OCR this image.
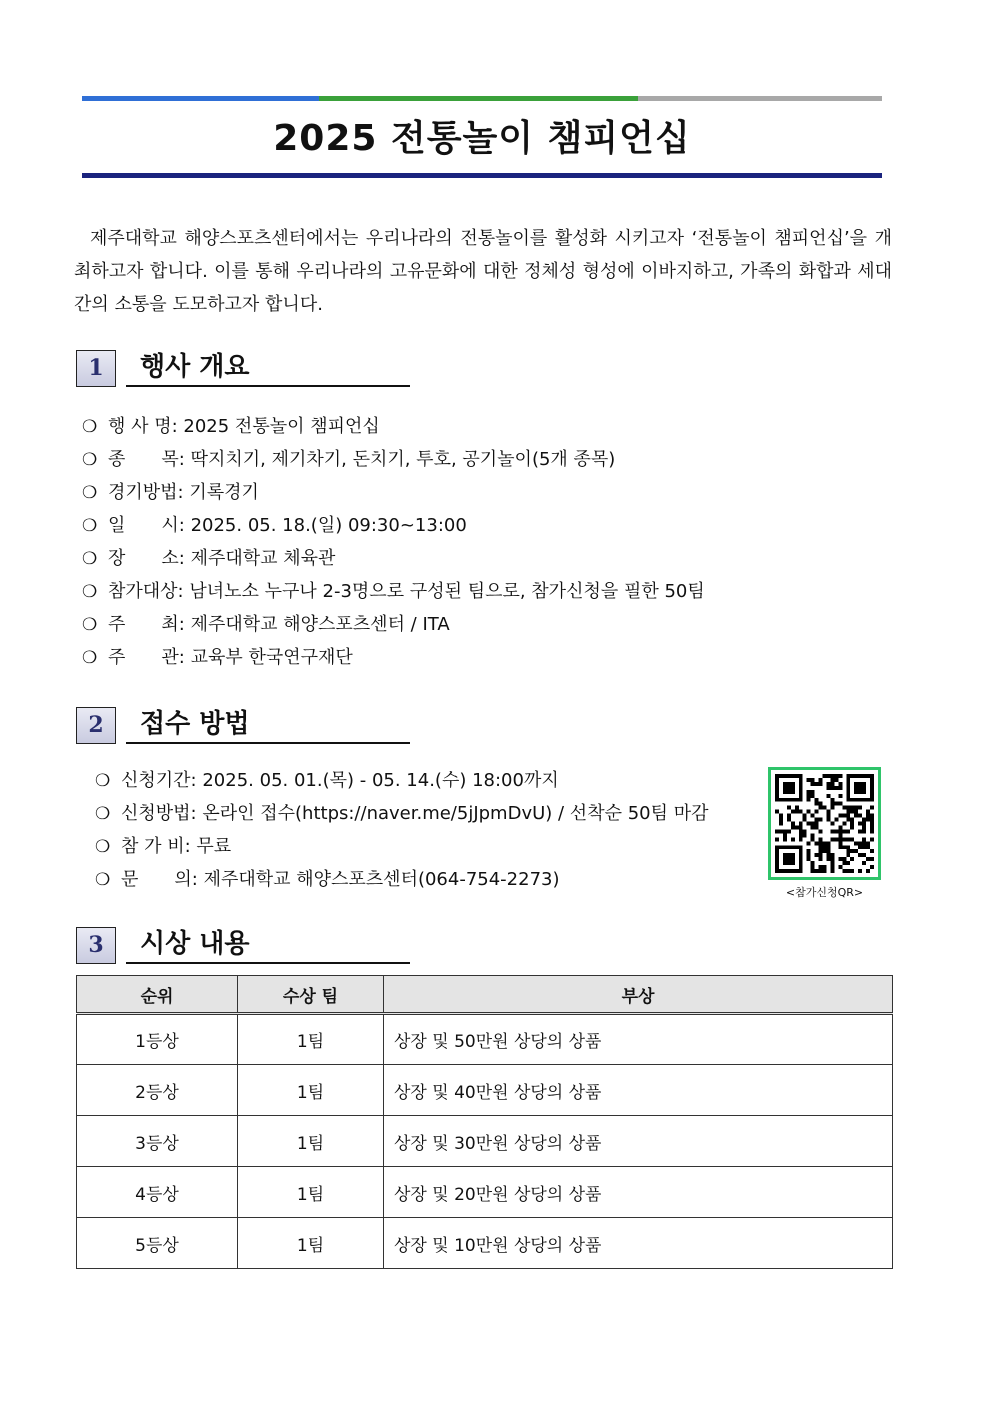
2025 전통놀이 챔피언십

제주대학교 해양스포츠센터에서는 우리나라의 전통놀이를 활성화 시키고자 ‘전통놀이 챔피언십’을 개최하고자 합니다. 이를 통해 우리나라의 고유문화에 대한 정체성 형성에 이바지하고, 가족의 화합과 세대 간의 소통을 도모하고자 합니다.

1	행사 개요
❍ 행 사 명: 2025 전통놀이 챔피언십
❍ 종　　목: 딱지치기, 제기차기, 돈치기, 투호, 공기놀이(5개 종목)
❍ 경기방법: 기록경기
❍ 일　　시: 2025. 05. 18.(일) 09:30~13:00
❍ 장　　소: 제주대학교 체육관
❍ 참가대상: 남녀노소 누구나 2-3명으로 구성된 팀으로, 참가신청을 필한 50팀
❍ 주　　최: 제주대학교 해양스포츠센터 / ITA
❍ 주　　관: 교육부 한국연구재단
2	접수 방법
❍ 신청기간: 2025. 05. 01.(목) - 05. 14.(수) 18:00까지
❍ 신청방법: 온라인 접수(https://naver.me/5jJpmDvU) / 선착순 50팀 마감
❍ 참 가 비: 무료
❍ 문　　의: 제주대학교 해양스포츠센터(064-754-2273)
<참가신청QR>
3	시상 내용
순위	수상 팀	부상
1등상	1팀	상장 및 50만원 상당의 상품
2등상	1팀	상장 및 40만원 상당의 상품
3등상	1팀	상장 및 30만원 상당의 상품
4등상	1팀	상장 및 20만원 상당의 상품
5등상	1팀	상장 및 10만원 상당의 상품
